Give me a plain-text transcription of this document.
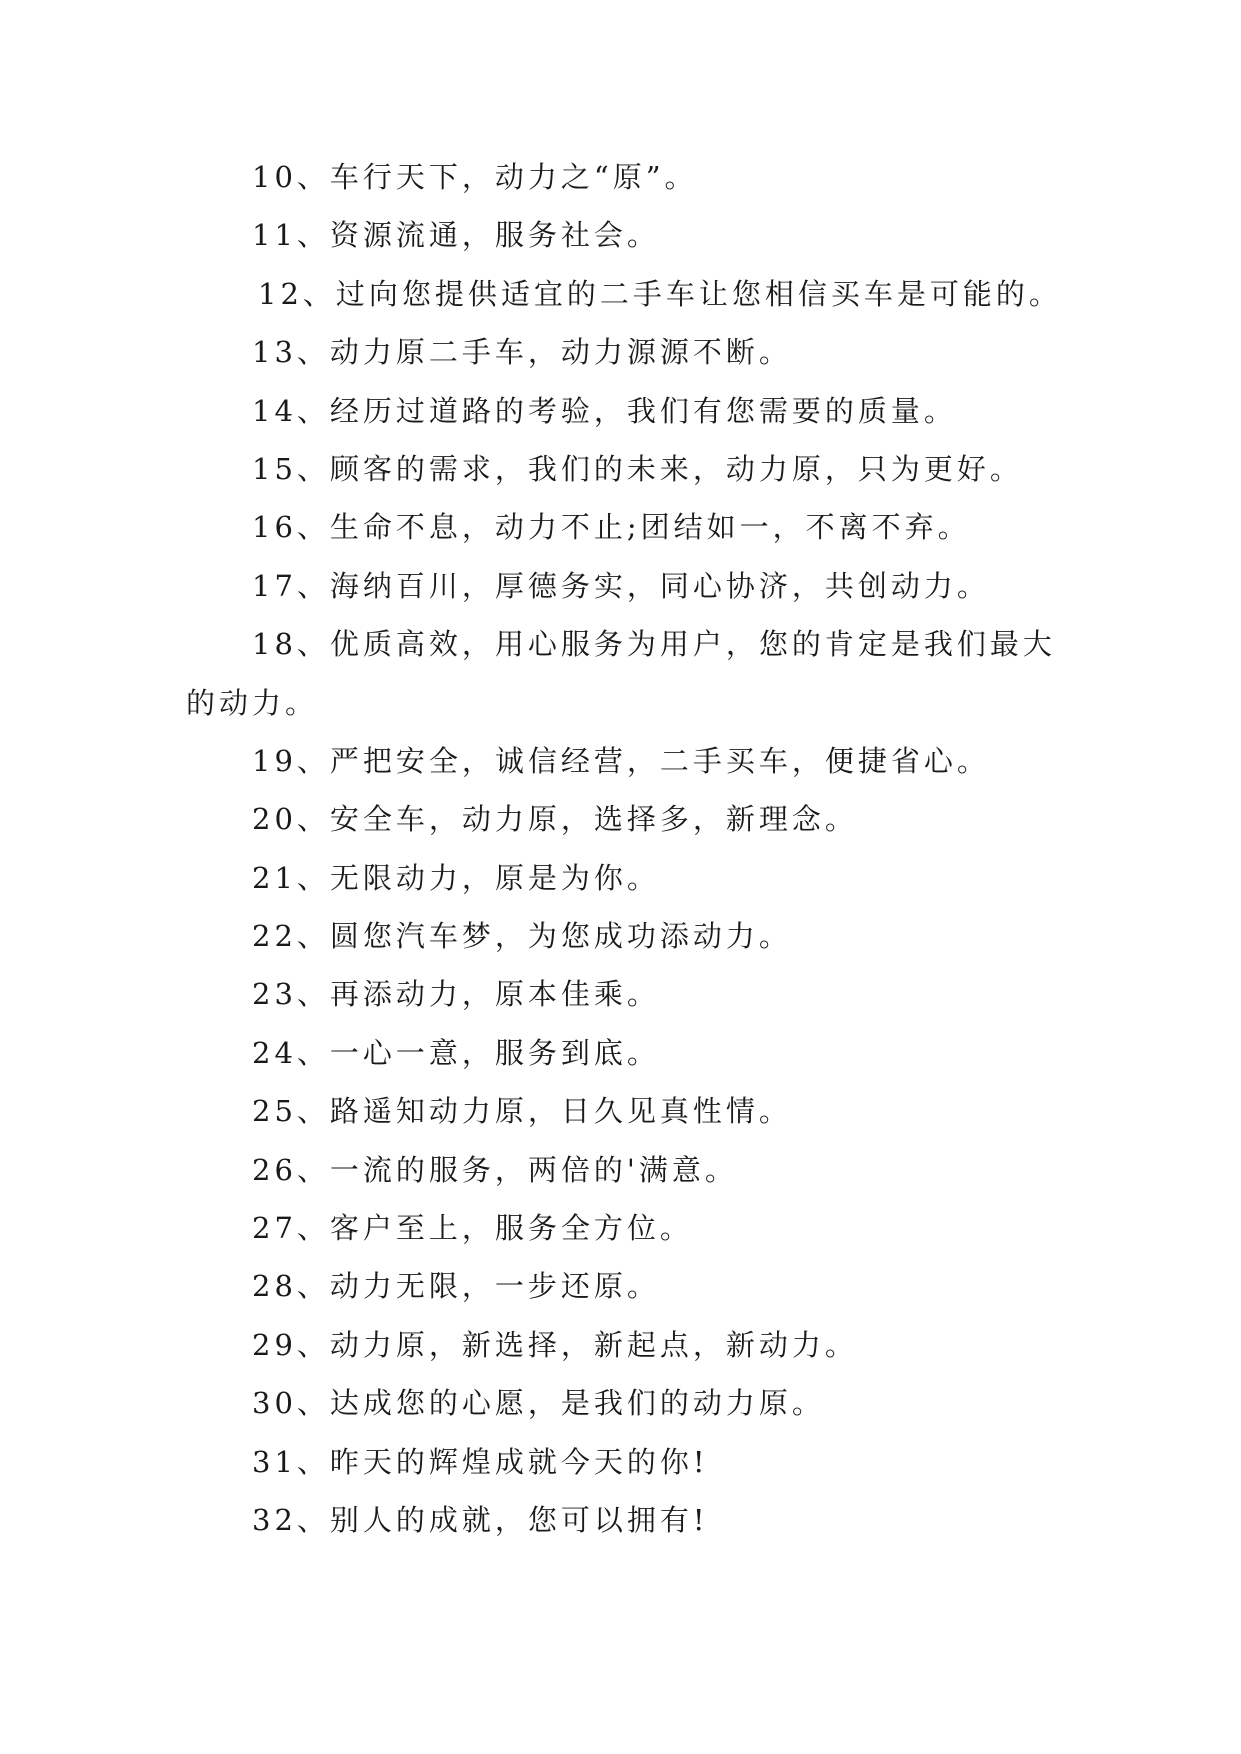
10、车行天下，动力之“原”。
11、资源流通，服务社会。
12、过向您提供适宜的二手车让您相信买车是可能的。
13、动力原二手车，动力源源不断。
14、经历过道路的考验，我们有您需要的质量。
15、顾客的需求，我们的未来，动力原，只为更好。
16、生命不息，动力不止;团结如一，不离不弃。
17、海纳百川，厚德务实，同心协济，共创动力。
18、优质高效，用心服务为用户，您的肯定是我们最大
的动力。
19、严把安全，诚信经营，二手买车，便捷省心。
20、安全车，动力原，选择多，新理念。
21、无限动力，原是为你。
22、圆您汽车梦，为您成功添动力。
23、再添动力，原本佳乘。
24、一心一意，服务到底。
25、路遥知动力原，日久见真性情。
26、一流的服务，两倍的'满意。
27、客户至上，服务全方位。
28、动力无限，一步还原。
29、动力原，新选择，新起点，新动力。
30、达成您的心愿，是我们的动力原。
31、昨天的辉煌成就今天的你!
32、别人的成就，您可以拥有!
